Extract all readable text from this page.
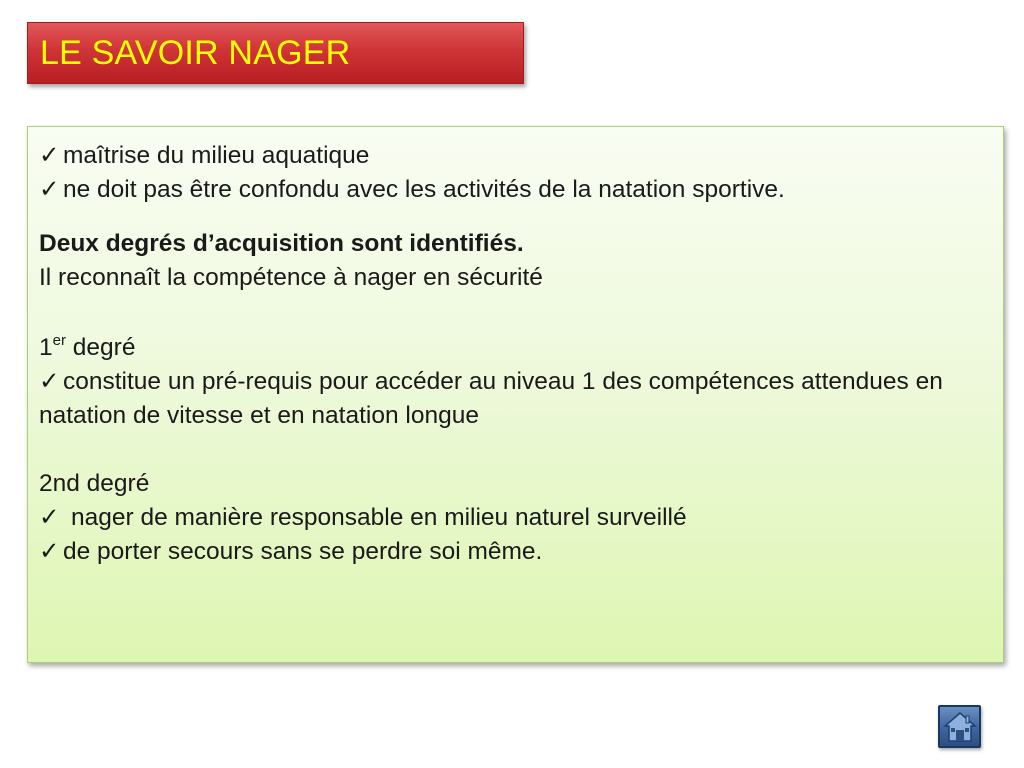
LE SAVOIR NAGER
✓ maîtrise du milieu aquatique
✓ ne doit pas être confondu avec les activités de la natation sportive.
Deux degrés d’acquisition sont identifiés.
Il reconnaît la compétence à nager en sécurité
1er degré
✓ constitue un pré-requis pour accéder au niveau 1 des compétences attendues en natation de vitesse et en natation longue
2nd degré
✓ nager de manière responsable en milieu naturel surveillé
✓ de porter secours sans se perdre soi même.
